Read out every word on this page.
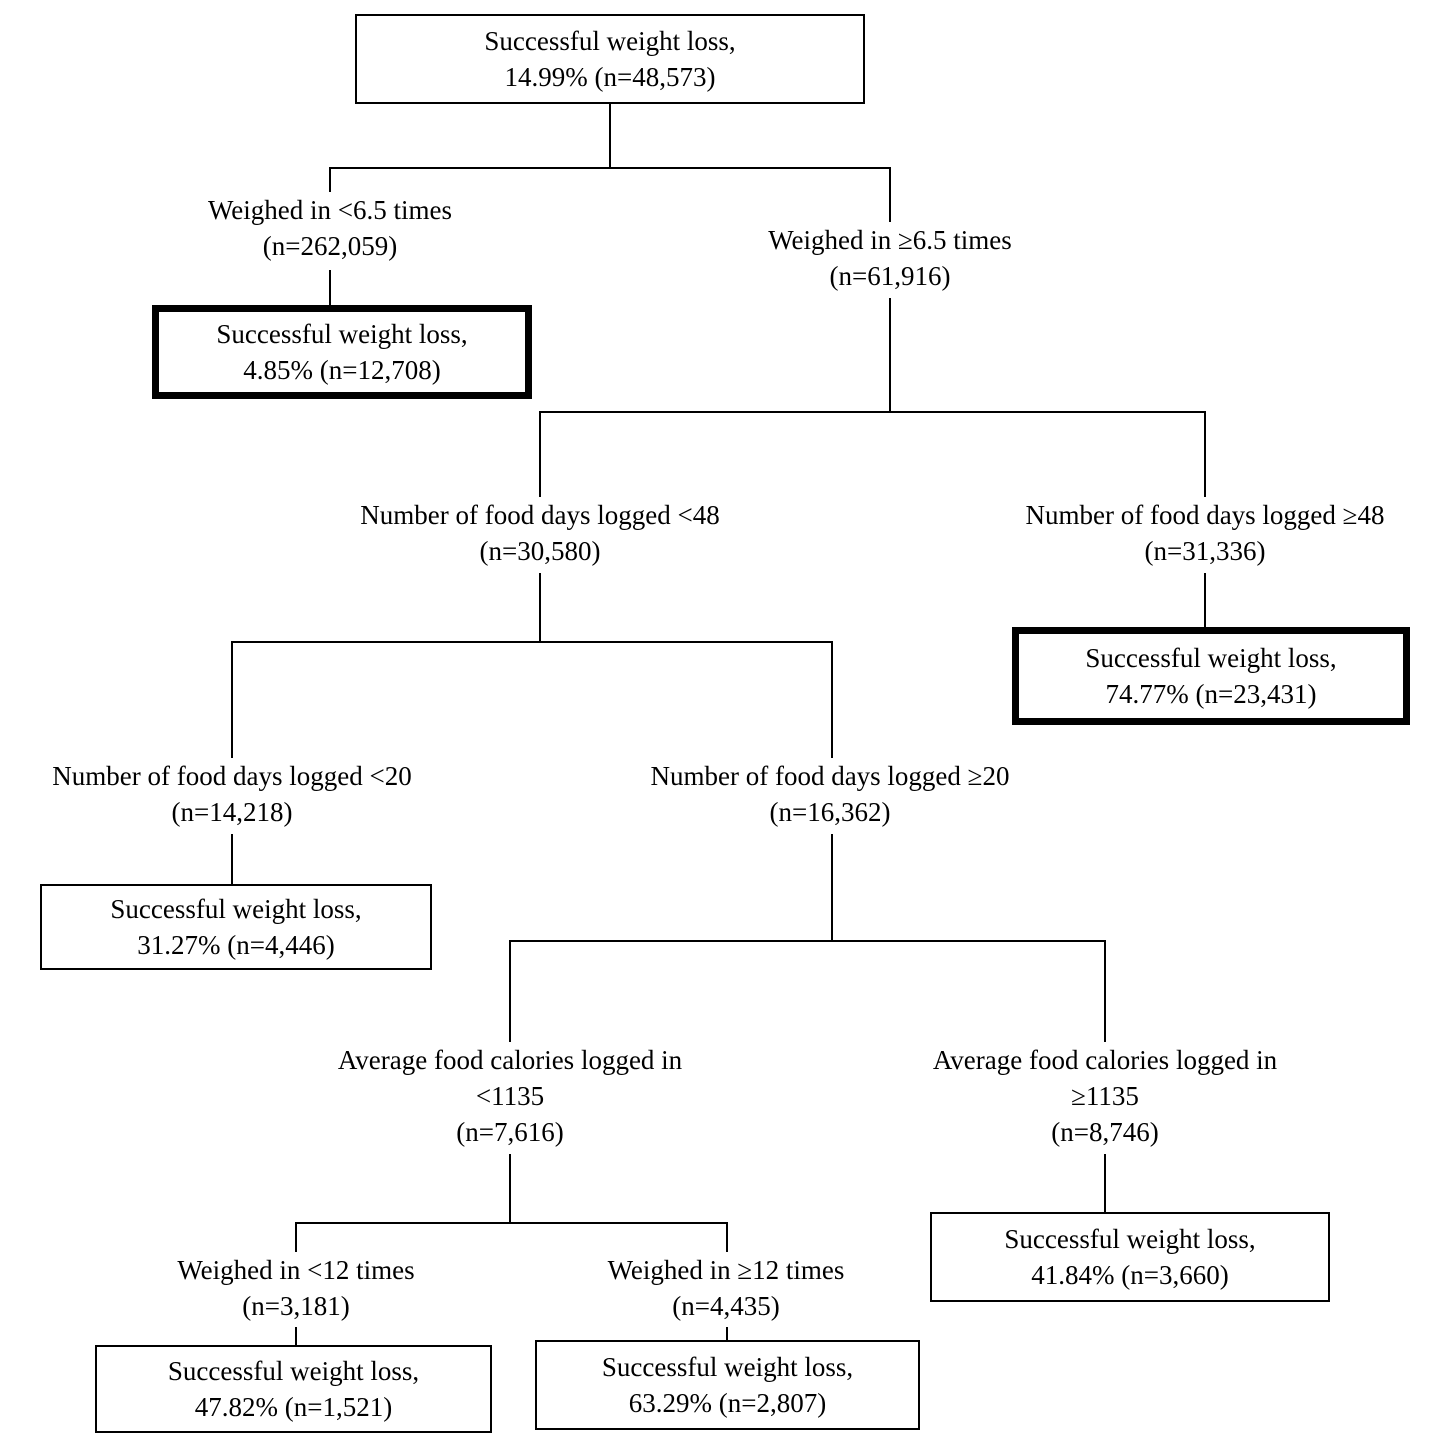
Successful weight loss,
14.99% (n=48,573)
Weighed in <6.5 times
(n=262,059)	Weighed in ≥6.5 times
(n=61,916)
Successful weight loss,
4.85% (n=12,708)
Number of food days logged <48
(n=30,580)
Number of food days logged ≥48
(n=31,336)
Successful weight loss,
74.77% (n=23,431)
Number of food days logged <20
(n=14,218)
Number of food days logged ≥20
(n=16,362)
Successful weight loss,
31.27% (n=4,446)
Average food calories logged in
<1135
(n=7,616)
Average food calories logged in
≥1135
(n=8,746)
Successful weight loss,
41.84% (n=3,660)
Weighed in <12 times
(n=3,181)
Weighed in ≥12 times
(n=4,435)
Successful weight loss,
47.82% (n=1,521)
Successful weight loss,
63.29% (n=2,807)
